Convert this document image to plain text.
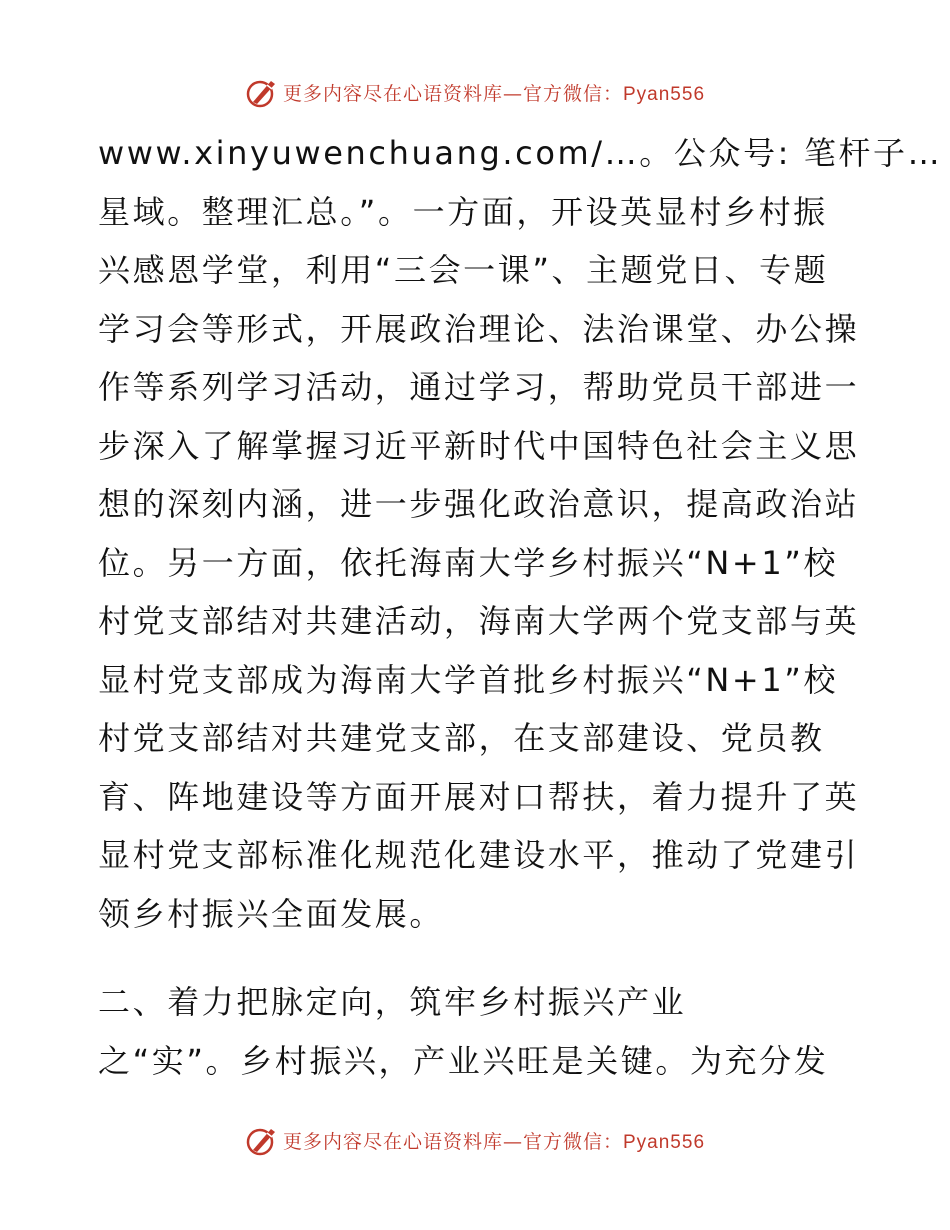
更多内容尽在心语资料库—官方微信：Pyan556
www.xinyuwenchuang.com/…。公众号: 笔杆子…
星域。整理汇总。”。一方面，开设英显村乡村振
兴感恩学堂，利用“三会一课”、主题党日、专题
学习会等形式，开展政治理论、法治课堂、办公操
作等系列学习活动，通过学习，帮助党员干部进一
步深入了解掌握习近平新时代中国特色社会主义思
想的深刻内涵，进一步强化政治意识，提高政治站
位。另一方面，依托海南大学乡村振兴“N+1”校
村党支部结对共建活动，海南大学两个党支部与英
显村党支部成为海南大学首批乡村振兴“N+1”校
村党支部结对共建党支部，在支部建设、党员教
育、阵地建设等方面开展对口帮扶，着力提升了英
显村党支部标准化规范化建设水平，推动了党建引
领乡村振兴全面发展。
二、着力把脉定向，筑牢乡村振兴产业
之“实”。乡村振兴，产业兴旺是关键。为充分发
更多内容尽在心语资料库—官方微信：Pyan556
